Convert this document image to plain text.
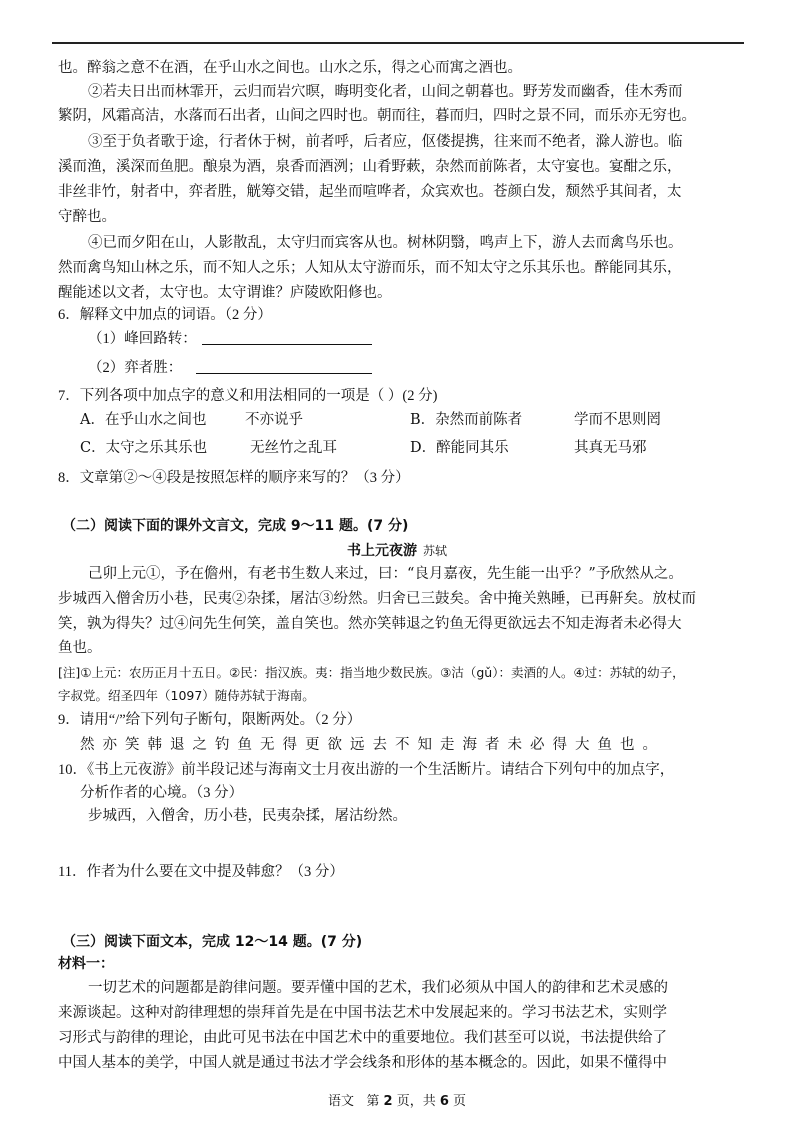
也。醉翁之意不在酒，在乎山水之间也。山水之乐，得之心而寓之酒也。
②若夫日出而林霏开，云归而岩穴暝，晦明变化者，山间之朝暮也。野芳发而幽香，佳木秀而
繁阴，风霜高洁，水落而石出者，山间之四时也。朝而往，暮而归，四时之景不同，而乐亦无穷也。
③至于负者歌于途，行者休于树，前者呼，后者应，伛偻提携，往来而不绝者，滁人游也。临
溪而渔，溪深而鱼肥。酿泉为酒，泉香而酒洌；山肴野蔌，杂然而前陈者，太守宴也。宴酣之乐，
非丝非竹，射者中，弈者胜，觥筹交错，起坐而喧哗者，众宾欢也。苍颜白发，颓然乎其间者，太
守醉也。
④已而夕阳在山，人影散乱，太守归而宾客从也。树林阴翳，鸣声上下，游人去而禽鸟乐也。
然而禽鸟知山林之乐，而不知人之乐；人知从太守游而乐，而不知太守之乐其乐也。醉能同其乐，
醒能述以文者，太守也。太守谓谁？庐陵欧阳修也。
6．解释文中加点的词语。（2 分）
（1）峰回路转：
（2）弈者胜：
7．下列各项中加点字的意义和用法相同的一项是（ ）(2 分)
A．在乎山水之间也	不亦说乎	B．杂然而前陈者	学而不思则罔
C．太守之乐其乐也	无丝竹之乱耳	D．醉能同其乐	其真无马邪
8．文章第②～④段是按照怎样的顺序来写的？（3 分）
（二）阅读下面的课外文言文，完成 9～11 题。(7 分)
书上元夜游 苏轼
己卯上元①，予在儋州，有老书生数人来过，曰：“良月嘉夜，先生能一出乎？”予欣然从之。
步城西入僧舍历小巷，民夷②杂揉，屠沽③纷然。归舍已三鼓矣。舍中掩关熟睡，已再鼾矣。放杖而
笑，孰为得失？过④问先生何笑，盖自笑也。然亦笑韩退之钓鱼无得更欲远去不知走海者未必得大
鱼也。
[注]①上元：农历正月十五日。②民：指汉族。夷：指当地少数民族。③沽（gǔ）：卖酒的人。④过：苏轼的幼子，
字叔党。绍圣四年（1097）随侍苏轼于海南。
9．请用“/”给下列句子断句，限断两处。（2 分）
然亦笑韩退之钓鱼无得更欲远去不知走海者未必得大鱼也。
10．《书上元夜游》前半段记述与海南文士月夜出游的一个生活断片。请结合下列句中的加点字，
分析作者的心境。（3 分）
步城西，入僧舍，历小巷，民夷杂揉，屠沽纷然。
11．作者为什么要在文中提及韩愈？（3 分）
（三）阅读下面文本，完成 12～14 题。(7 分)
材料一：
一切艺术的问题都是韵律问题。要弄懂中国的艺术，我们必须从中国人的韵律和艺术灵感的
来源谈起。这种对韵律理想的崇拜首先是在中国书法艺术中发展起来的。学习书法艺术，实则学
习形式与韵律的理论，由此可见书法在中国艺术中的重要地位。我们甚至可以说，书法提供给了
中国人基本的美学，中国人就是通过书法才学会线条和形体的基本概念的。因此，如果不懂得中
语文 第 2 页，共 6 页
